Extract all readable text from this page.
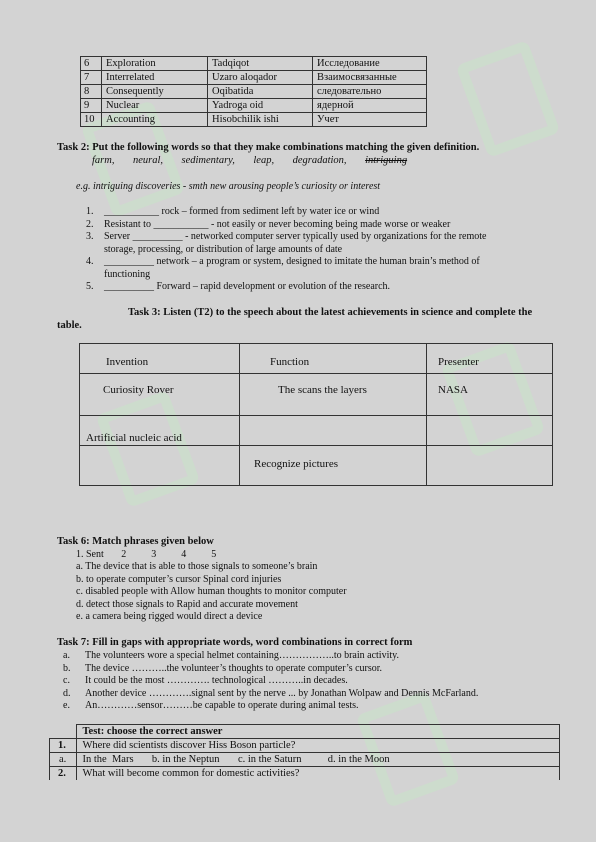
6	Exploration	Tadqiqot	Исследование
7	Interrelated	Uzaro aloqador	Взаимосвязанные
8	Consequently	Oqibatida	следовательно
9	Nuclear	Yadroga oid	ядерной
10	Accounting	Hisobchilik ishi	Учет
Task 2: Put the following words so that they make combinations matching the given definition.
farm, neural, sedimentary, leap, degradation, intriguing
e.g. intriguing discoveries - smth new arousing people’s curiosity or interest
1.	___________ rock – formed from sediment left by water ice or wind
2.	Resistant to ___________ - not easily or never becoming being made worse or weaker
3.	Server __________ - networked computer server typically used by organizations for the remote
storage, processing, or distribution of large amounts of date
4.	__________ network – a program or system, designed to imitate the human brain’s method of
functioning
5.	__________ Forward – rapid development or evolution of the research.
Task 3: Listen (T2) to the speech about the latest achievements in science and complete the
table.
Invention	Function	Presenter
Curiosity Rover	The scans the layers	NASA
Artificial nucleic acid		
	Recognize pictures	
Task 6: Match phrases given below
1. Sent       2          3          4          5
a. The device that is able to those signals to someone’s brain
b. to operate computer’s cursor Spinal cord injuries
c. disabled people with Allow human thoughts to monitor computer
d. detect those signals to Rapid and accurate movement
e. a camera being rigged would direct a device
Task 7: Fill in gaps with appropriate words, word combinations in correct form
a.	The volunteers wore a special helmet containing……………..to brain activity.
b.	The device ………..the volunteer’s thoughts to operate computer’s cursor.
c.	It could be the most …………. technological ………..in decades.
d.	Another device ………….signal sent by the nerve ... by Jonathan Wolpaw and Dennis McFarland.
e.	An…………sensor………be capable to operate during animal tests.
	Test: choose the correct answer
1.	Where did scientists discover Hiss Boson particle?
a.	In the  Mars b. in the Neptun c. in the Saturn d. in the Moon
2.	What will become common for domestic activities?
